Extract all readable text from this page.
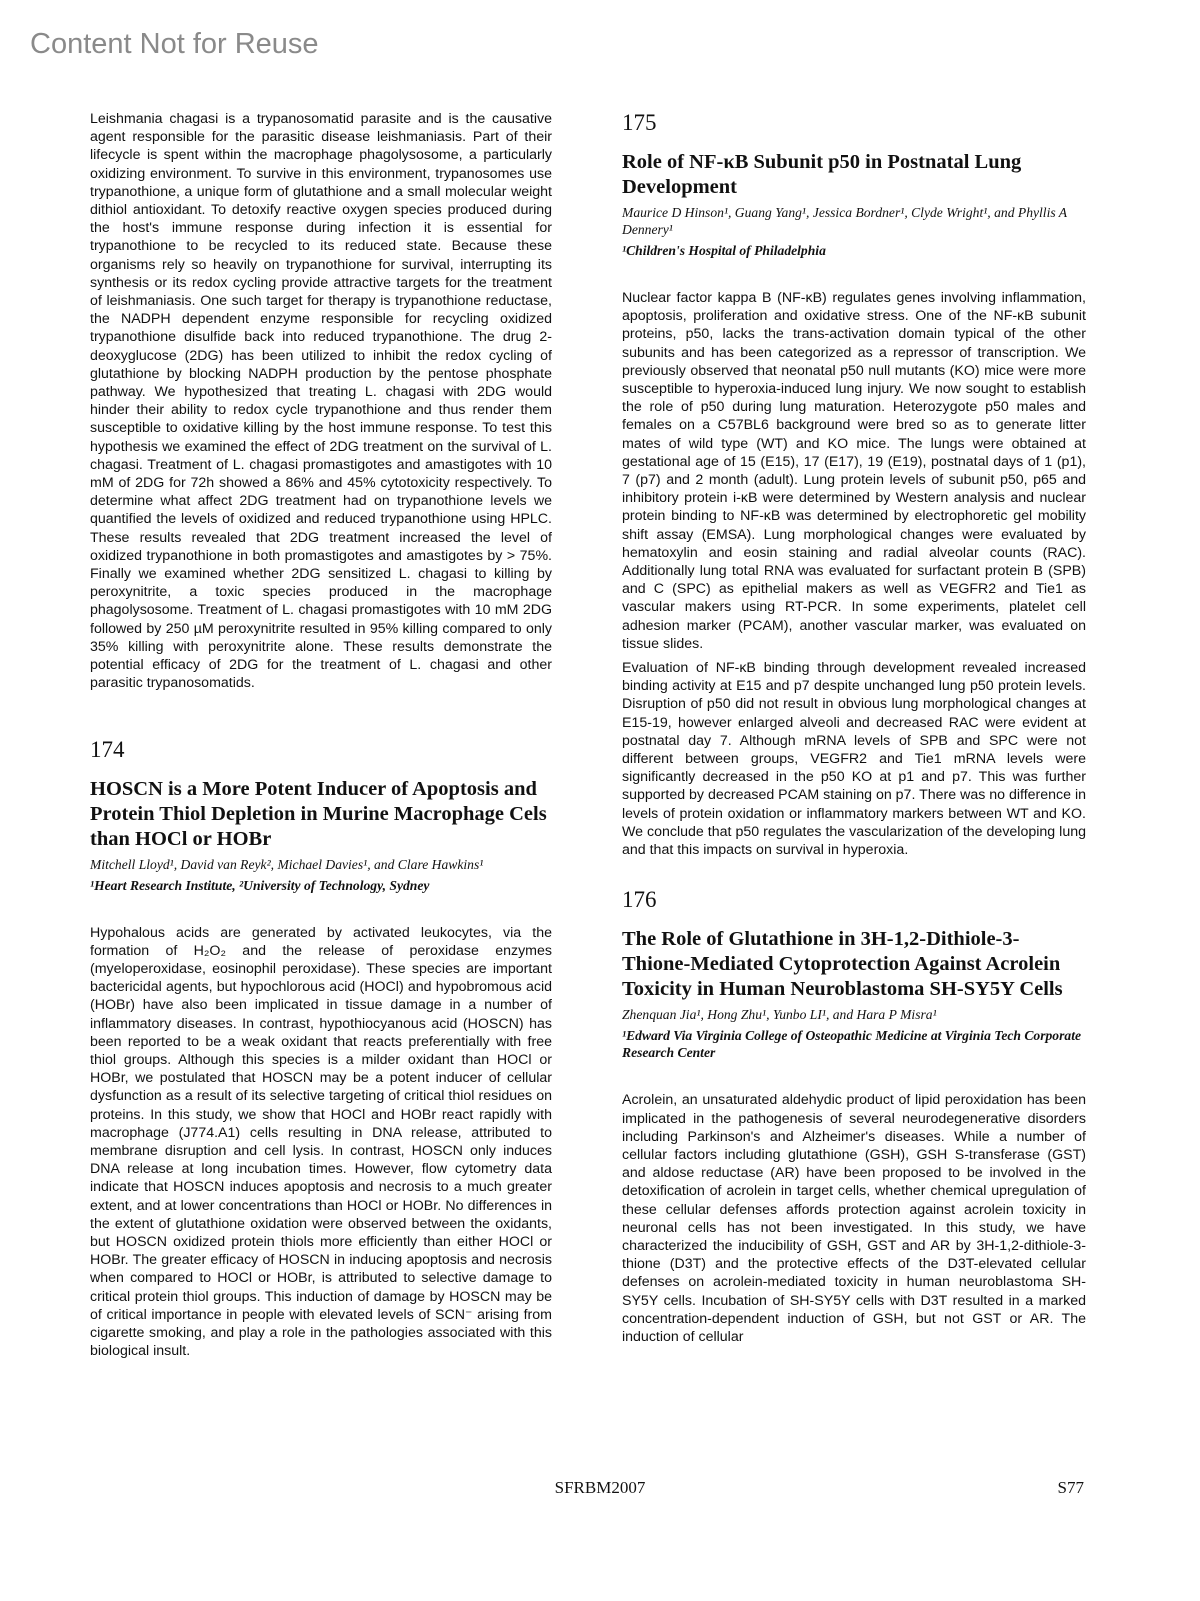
Content Not for Reuse

Leishmania chagasi is a trypanosomatid parasite and is the causative agent responsible for the parasitic disease leishmaniasis. Part of their lifecycle is spent within the macrophage phagolysosome, a particularly oxidizing environment. To survive in this environment, trypanosomes use trypanothione, a unique form of glutathione and a small molecular weight dithiol antioxidant. To detoxify reactive oxygen species produced during the host's immune response during infection it is essential for trypanothione to be recycled to its reduced state. Because these organisms rely so heavily on trypanothione for survival, interrupting its synthesis or its redox cycling provide attractive targets for the treatment of leishmaniasis. One such target for therapy is trypanothione reductase, the NADPH dependent enzyme responsible for recycling oxidized trypanothione disulfide back into reduced trypanothione. The drug 2-deoxyglucose (2DG) has been utilized to inhibit the redox cycling of glutathione by blocking NADPH production by the pentose phosphate pathway. We hypothesized that treating L. chagasi with 2DG would hinder their ability to redox cycle trypanothione and thus render them susceptible to oxidative killing by the host immune response. To test this hypothesis we examined the effect of 2DG treatment on the survival of L. chagasi. Treatment of L. chagasi promastigotes and amastigotes with 10 mM of 2DG for 72h showed a 86% and 45% cytotoxicity respectively. To determine what affect 2DG treatment had on trypanothione levels we quantified the levels of oxidized and reduced trypanothione using HPLC. These results revealed that 2DG treatment increased the level of oxidized trypanothione in both promastigotes and amastigotes by > 75%. Finally we examined whether 2DG sensitized L. chagasi to killing by peroxynitrite, a toxic species produced in the macrophage phagolysosome. Treatment of L. chagasi promastigotes with 10 mM 2DG followed by 250 µM peroxynitrite resulted in 95% killing compared to only 35% killing with peroxynitrite alone. These results demonstrate the potential efficacy of 2DG for the treatment of L. chagasi and other parasitic trypanosomatids.

174
HOSCN is a More Potent Inducer of Apoptosis and Protein Thiol Depletion in Murine Macrophage Cels than HOCl or HOBr

Mitchell Lloyd¹, David van Reyk², Michael Davies¹, and Clare Hawkins¹

¹Heart Research Institute, ²University of Technology, Sydney

Hypohalous acids are generated by activated leukocytes, via the formation of H₂O₂ and the release of peroxidase enzymes (myeloperoxidase, eosinophil peroxidase). These species are important bactericidal agents, but hypochlorous acid (HOCl) and hypobromous acid (HOBr) have also been implicated in tissue damage in a number of inflammatory diseases. In contrast, hypothiocyanous acid (HOSCN) has been reported to be a weak oxidant that reacts preferentially with free thiol groups. Although this species is a milder oxidant than HOCl or HOBr, we postulated that HOSCN may be a potent inducer of cellular dysfunction as a result of its selective targeting of critical thiol residues on proteins. In this study, we show that HOCl and HOBr react rapidly with macrophage (J774.A1) cells resulting in DNA release, attributed to membrane disruption and cell lysis. In contrast, HOSCN only induces DNA release at long incubation times. However, flow cytometry data indicate that HOSCN induces apoptosis and necrosis to a much greater extent, and at lower concentrations than HOCl or HOBr. No differences in the extent of glutathione oxidation were observed between the oxidants, but HOSCN oxidized protein thiols more efficiently than either HOCl or HOBr. The greater efficacy of HOSCN in inducing apoptosis and necrosis when compared to HOCl or HOBr, is attributed to selective damage to critical protein thiol groups. This induction of damage by HOSCN may be of critical importance in people with elevated levels of SCN⁻ arising from cigarette smoking, and play a role in the pathologies associated with this biological insult.

175
Role of NF-κB Subunit p50 in Postnatal Lung Development

Maurice D Hinson¹, Guang Yang¹, Jessica Bordner¹, Clyde Wright¹, and Phyllis A Dennery¹

¹Children's Hospital of Philadelphia

Nuclear factor kappa B (NF-κB) regulates genes involving inflammation, apoptosis, proliferation and oxidative stress. One of the NF-κB subunit proteins, p50, lacks the trans-activation domain typical of the other subunits and has been categorized as a repressor of transcription. We previously observed that neonatal p50 null mutants (KO) mice were more susceptible to hyperoxia-induced lung injury. We now sought to establish the role of p50 during lung maturation. Heterozygote p50 males and females on a C57BL6 background were bred so as to generate litter mates of wild type (WT) and KO mice. The lungs were obtained at gestational age of 15 (E15), 17 (E17), 19 (E19), postnatal days of 1 (p1), 7 (p7) and 2 month (adult). Lung protein levels of subunit p50, p65 and inhibitory protein i-κB were determined by Western analysis and nuclear protein binding to NF-κB was determined by electrophoretic gel mobility shift assay (EMSA). Lung morphological changes were evaluated by hematoxylin and eosin staining and radial alveolar counts (RAC). Additionally lung total RNA was evaluated for surfactant protein B (SPB) and C (SPC) as epithelial makers as well as VEGFR2 and Tie1 as vascular makers using RT-PCR. In some experiments, platelet cell adhesion marker (PCAM), another vascular marker, was evaluated on tissue slides.

Evaluation of NF-κB binding through development revealed increased binding activity at E15 and p7 despite unchanged lung p50 protein levels. Disruption of p50 did not result in obvious lung morphological changes at E15-19, however enlarged alveoli and decreased RAC were evident at postnatal day 7. Although mRNA levels of SPB and SPC were not different between groups, VEGFR2 and Tie1 mRNA levels were significantly decreased in the p50 KO at p1 and p7. This was further supported by decreased PCAM staining on p7. There was no difference in levels of protein oxidation or inflammatory markers between WT and KO. We conclude that p50 regulates the vascularization of the developing lung and that this impacts on survival in hyperoxia.

176
The Role of Glutathione in 3H-1,2-Dithiole-3-Thione-Mediated Cytoprotection Against Acrolein Toxicity in Human Neuroblastoma SH-SY5Y Cells

Zhenquan Jia¹, Hong Zhu¹, Yunbo LI¹, and Hara P Misra¹

¹Edward Via Virginia College of Osteopathic Medicine at Virginia Tech Corporate Research Center

Acrolein, an unsaturated aldehydic product of lipid peroxidation has been implicated in the pathogenesis of several neurodegenerative disorders including Parkinson's and Alzheimer's diseases. While a number of cellular factors including glutathione (GSH), GSH S-transferase (GST) and aldose reductase (AR) have been proposed to be involved in the detoxification of acrolein in target cells, whether chemical upregulation of these cellular defenses affords protection against acrolein toxicity in neuronal cells has not been investigated. In this study, we have characterized the inducibility of GSH, GST and AR by 3H-1,2-dithiole-3-thione (D3T) and the protective effects of the D3T-elevated cellular defenses on acrolein-mediated toxicity in human neuroblastoma SH-SY5Y cells. Incubation of SH-SY5Y cells with D3T resulted in a marked concentration-dependent induction of GSH, but not GST or AR. The induction of cellular

SFRBM2007	S77
